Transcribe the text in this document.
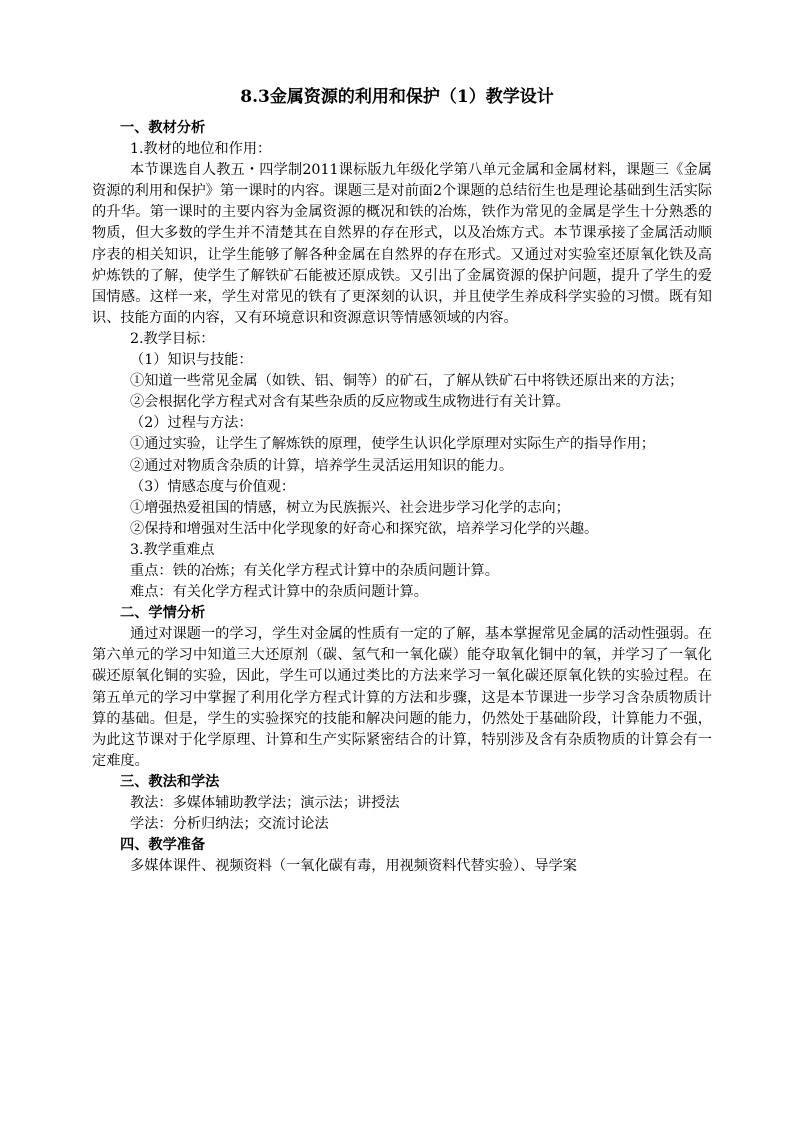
8.3金属资源的利用和保护（1）教学设计

一、教材分析

1.教材的地位和作用：

本节课选自人教五・四学制2011课标版九年级化学第八单元金属和金属材料，课题三《金属资源的利用和保护》第一课时的内容。课题三是对前面2个课题的总结衍生也是理论基础到生活实际的升华。第一课时的主要内容为金属资源的概况和铁的冶炼，铁作为常见的金属是学生十分熟悉的物质，但大多数的学生并不清楚其在自然界的存在形式，以及冶炼方式。本节课承接了金属活动顺序表的相关知识，让学生能够了解各种金属在自然界的存在形式。又通过对实验室还原氧化铁及高炉炼铁的了解，使学生了解铁矿石能被还原成铁。又引出了金属资源的保护问题，提升了学生的爱国情感。这样一来，学生对常见的铁有了更深刻的认识，并且使学生养成科学实验的习惯。既有知识、技能方面的内容，又有环境意识和资源意识等情感领域的内容。

2.教学目标：

（1）知识与技能：

①知道一些常见金属（如铁、铝、铜等）的矿石，了解从铁矿石中将铁还原出来的方法；

②会根据化学方程式对含有某些杂质的反应物或生成物进行有关计算。

（2）过程与方法：

①通过实验，让学生了解炼铁的原理，使学生认识化学原理对实际生产的指导作用；

②通过对物质含杂质的计算，培养学生灵活运用知识的能力。

（3）情感态度与价值观：

①增强热爱祖国的情感，树立为民族振兴、社会进步学习化学的志向；

②保持和增强对生活中化学现象的好奇心和探究欲，培养学习化学的兴趣。

3.教学重难点

重点：铁的冶炼；有关化学方程式计算中的杂质问题计算。

难点：有关化学方程式计算中的杂质问题计算。

二、学情分析

通过对课题一的学习，学生对金属的性质有一定的了解，基本掌握常见金属的活动性强弱。在第六单元的学习中知道三大还原剂（碳、氢气和一氧化碳）能夺取氧化铜中的氧，并学习了一氧化碳还原氧化铜的实验，因此，学生可以通过类比的方法来学习一氧化碳还原氧化铁的实验过程。在第五单元的学习中掌握了利用化学方程式计算的方法和步骤，这是本节课进一步学习含杂质物质计算的基础。但是，学生的实验探究的技能和解决问题的能力，仍然处于基础阶段，计算能力不强，为此这节课对于化学原理、计算和生产实际紧密结合的计算，特别涉及含有杂质物质的计算会有一定难度。

三、教法和学法

教法：多媒体辅助教学法；演示法；讲授法

学法：分析归纳法；交流讨论法

四、教学准备

多媒体课件、视频资料（一氧化碳有毒，用视频资料代替实验）、导学案
